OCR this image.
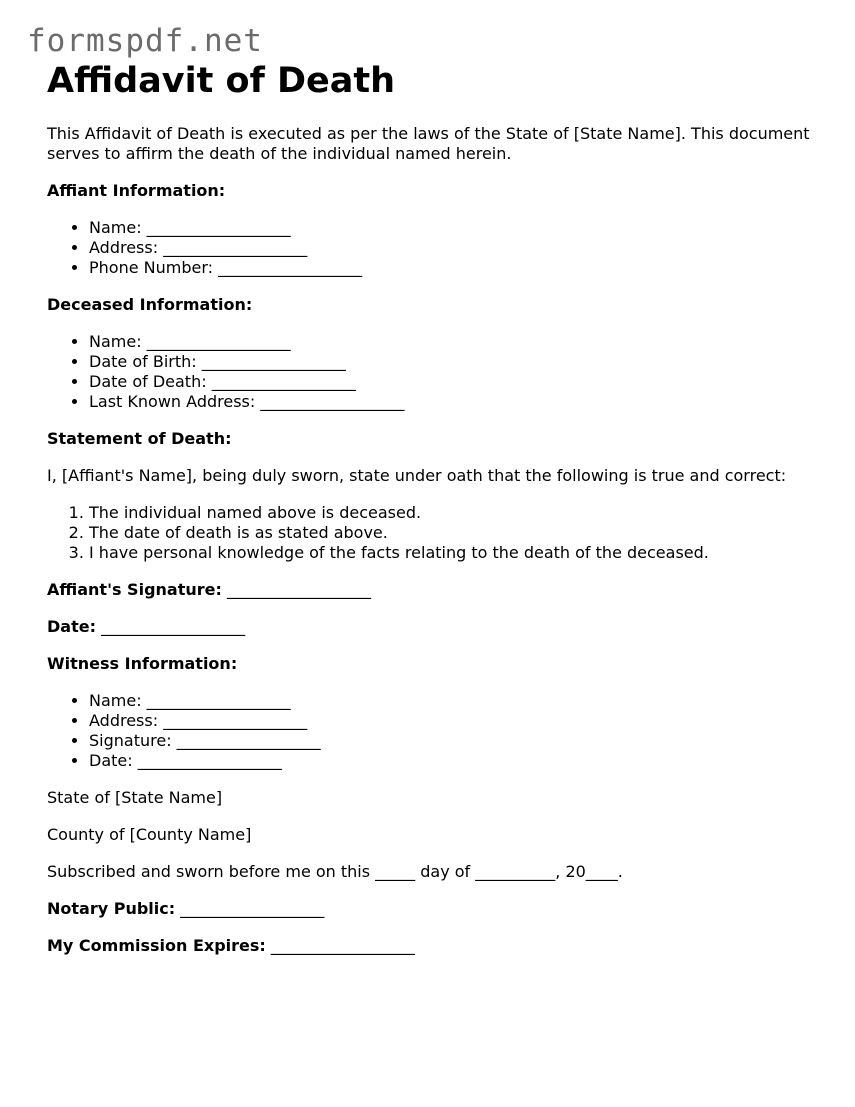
formspdf.net
Affidavit of Death

This Affidavit of Death is executed as per the laws of the State of [State Name]. This document serves to affirm the death of the individual named herein.

Affiant Information:

• Name: __________________
• Address: __________________
• Phone Number: __________________

Deceased Information:

• Name: __________________
• Date of Birth: __________________
• Date of Death: __________________
• Last Known Address: __________________

Statement of Death:

I, [Affiant's Name], being duly sworn, state under oath that the following is true and correct:

1. The individual named above is deceased.
2. The date of death is as stated above.
3. I have personal knowledge of the facts relating to the death of the deceased.

Affiant's Signature: __________________

Date: __________________

Witness Information:

• Name: __________________
• Address: __________________
• Signature: __________________
• Date: __________________

State of [State Name]

County of [County Name]

Subscribed and sworn before me on this _____ day of __________, 20____.

Notary Public: __________________

My Commission Expires: __________________
